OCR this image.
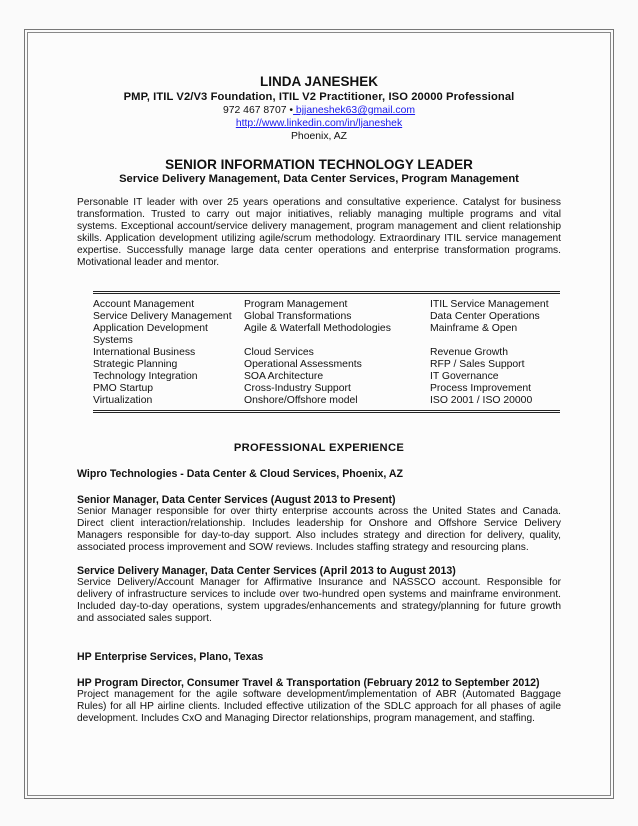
LINDA JANESHEK
PMP, ITIL V2/V3 Foundation, ITIL V2 Practitioner, ISO 20000 Professional
972 467 8707 • bjjaneshek63@gmail.com
http://www.linkedin.com/in/ljaneshek
Phoenix, AZ
SENIOR INFORMATION TECHNOLOGY LEADER
Service Delivery Management, Data Center Services, Program Management
Personable IT leader with over 25 years operations and consultative experience. Catalyst for business transformation. Trusted to carry out major initiatives, reliably managing multiple programs and vital systems. Exceptional account/service delivery management, program management and client relationship skills. Application development utilizing agile/scrum methodology. Extraordinary ITIL service management expertise. Successfully manage large data center operations and enterprise transformation programs. Motivational leader and mentor.
Account Management	Program Management	ITIL Service Management
Service Delivery Management	Global Transformations	Data Center Operations
Application Development	Agile & Waterfall Methodologies	Mainframe & Open
Systems
International Business	Cloud Services	Revenue Growth
Strategic Planning	Operational Assessments	RFP / Sales Support
Technology Integration	SOA Architecture	IT Governance
PMO Startup	Cross-Industry Support	Process Improvement
Virtualization	Onshore/Offshore model	ISO 2001 / ISO 20000
PROFESSIONAL EXPERIENCE
Wipro Technologies - Data Center & Cloud Services, Phoenix, AZ
Senior Manager, Data Center Services (August 2013 to Present)
Senior Manager responsible for over thirty enterprise accounts across the United States and Canada. Direct client interaction/relationship. Includes leadership for Onshore and Offshore Service Delivery Managers responsible for day-to-day support. Also includes strategy and direction for delivery, quality, associated process improvement and SOW reviews. Includes staffing strategy and resourcing plans.
Service Delivery Manager, Data Center Services (April 2013 to August 2013)
Service Delivery/Account Manager for Affirmative Insurance and NASSCO account. Responsible for delivery of infrastructure services to include over two-hundred open systems and mainframe environment. Included day-to-day operations, system upgrades/enhancements and strategy/planning for future growth and associated sales support.
HP Enterprise Services, Plano, Texas
HP Program Director, Consumer Travel & Transportation (February 2012 to September 2012)
Project management for the agile software development/implementation of ABR (Automated Baggage Rules) for all HP airline clients. Included effective utilization of the SDLC approach for all phases of agile development. Includes CxO and Managing Director relationships, program management, and staffing.
